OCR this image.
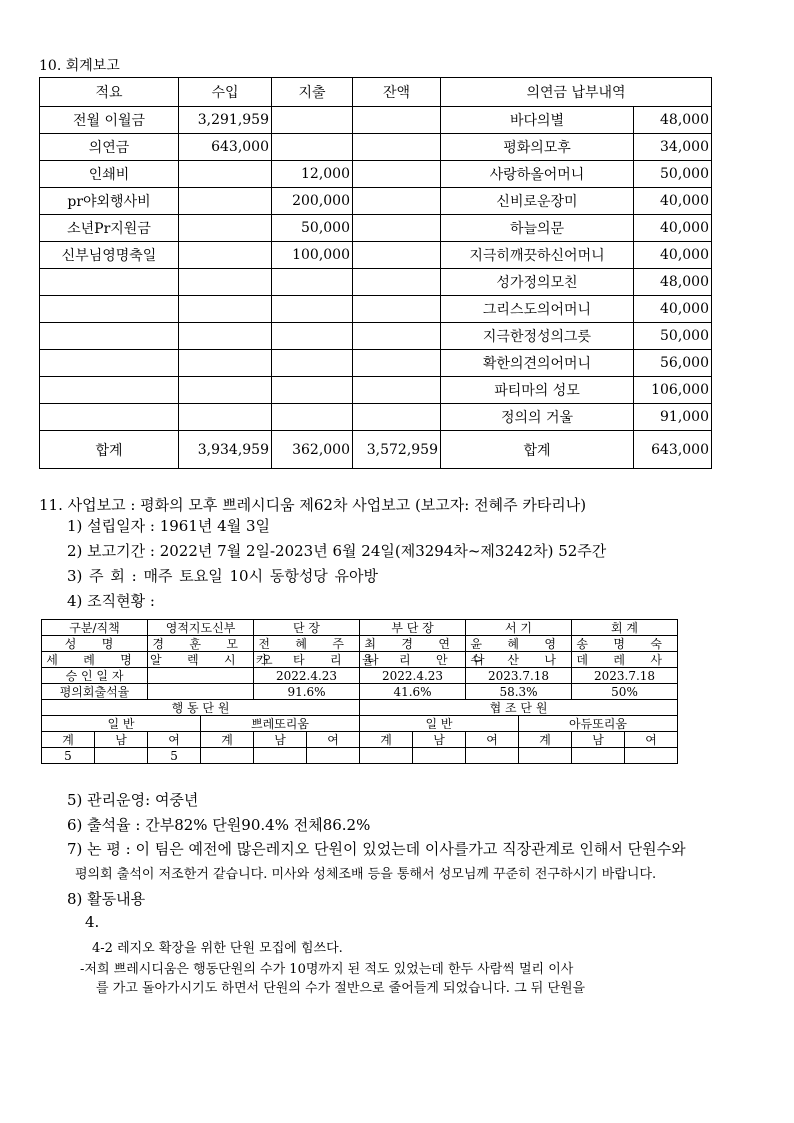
10. 회계보고
적요	수입	지출	잔액	의연금 납부내역	
전월 이월금	3,291,959			바다의별	48,000
의연금	643,000			평화의모후	34,000
인쇄비		12,000		사랑하올어머니	50,000
pr야외행사비		200,000		신비로운장미	40,000
소년Pr지원금		50,000		하늘의문	40,000
신부님영명축일		100,000		지극히깨끗하신어머니	40,000
				성가정의모친	48,000
				그리스도의어머니	40,000
				지극한정성의그릇	50,000
				확한의견의어머니	56,000
				파티마의 성모	106,000
				정의의 거울	91,000
합계	3,934,959	362,000	3,572,959	합계	643,000
11. 사업보고 : 평화의 모후 쁘레시디움 제62차 사업보고 (보고자: 전혜주 카타리나)
1) 설립일자 : 1961년 4월 3일
2) 보고기간 : 2022년 7월 2일-2023년 6월 24일(제3294차~제3242차) 52주간
3) 주 회 : 매주 토요일 10시 동항성당 유아방
4) 조직현황 :
구분/직책		영적지도신부		단 장		부 단 장		서 기		회 계	
성 명		경 훈 모		전 혜 주		최 경 연		윤 혜 영		송 명 숙	
세 례 명		알 렉 시 오		카 타 리 나		율 리 안 나		수 산 나		데 레 사	
승 인 일 자				2022.4.23		2022.4.23		2023.7.18		2023.7.18	
평의회출석율				91.6%		41.6%		58.3%		50%	
행 동 단 원						협 조 단 원					
일 반			쁘레또리움			일 반			아듀또리움		
계	남	여	계	남	여	계	남	여	계	남	여
5		5									
5) 관리운영: 여중년
6) 출석율 : 간부82% 단원90.4% 전체86.2%
7) 논 평 : 이 팀은 예전에 많은레지오 단원이 있었는데 이사를가고 직장관계로 인해서 단원수와
평의회 출석이 저조한거 같습니다. 미사와 성체조배 등을 통해서 성모님께 꾸준히 전구하시기 바랍니다.
8) 활동내용
4.
4-2 레지오 확장을 위한 단원 모집에 힘쓰다.
-저희 쁘레시디움은 행동단원의 수가 10명까지 된 적도 있었는데 한두 사람씩 멀리 이사
를 가고 돌아가시기도 하면서 단원의 수가 절반으로 줄어들게 되었습니다. 그 뒤 단원을
